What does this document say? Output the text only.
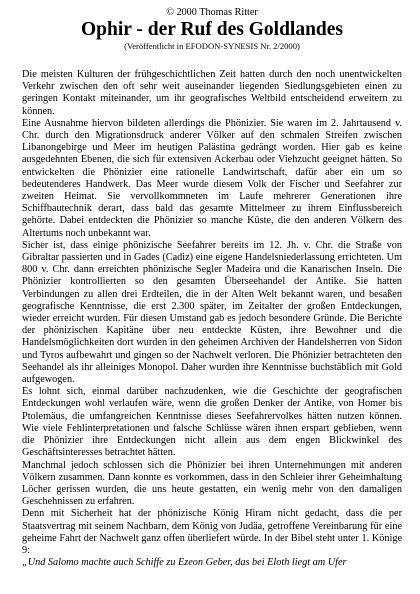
© 2000 Thomas Ritter
Ophir - der Ruf des Goldlandes
(Veröffentlicht in EFODON-SYNESIS Nr. 2/2000)

Die meisten Kulturen der frühgeschichtlichen Zeit hatten durch den noch unentwickelten Verkehr zwischen den oft sehr weit auseinander liegenden Siedlungsgebieten einen zu geringen Kontakt miteinander, um ihr geografisches Weltbild entscheidend erweitern zu können.

Eine Ausnahme hiervon bildeten allerdings die Phönizier. Sie waren im 2. Jahrtausend v. Chr. durch den Migrationsdruck anderer Völker auf den schmalen Streifen zwischen Libanongebirge und Meer im heutigen Palästina gedrängt worden. Hier gab es keine ausgedehnten Ebenen, die sich für extensiven Ackerbau oder Viehzucht geeignet hätten. So entwickelten die Phönizier eine rationelle Landwirtschaft, dafür aber ein um so bedeutenderes Handwerk. Das Meer wurde diesem Volk der Fischer und Seefahrer zur zweiten Heimat. Sie vervollkommneten im Laufe mehrerer Generationen ihre Schiffbautechnik derart, dass bald das gesamte Mittelmeer zu ihrem Einflussbereich gehörte. Dabei entdeckten die Phönizier so manche Küste, die den anderen Völkern des Altertums noch unbekannt war.

Sicher ist, dass einige phönizische Seefahrer bereits im 12. Jh. v. Chr. die Straße von Gibraltar passierten und in Gades (Cadiz) eine eigene Handelsniederlassung errichteten. Um 800 v. Chr. dann erreichten phönizische Segler Madeira und die Kanarischen Inseln. Die Phönizier kontrollierten so den gesamten Überseehandel der Antike. Sie hatten Verbindungen zu allen drei Erdteilen, die in der Alten Welt bekannt waren, und besaßen geografische Kenntnisse, die erst 2.300 später, im Zeitalter der großen Entdeckungen, wieder erreicht wurden. Für diesen Umstand gab es jedoch besondere Gründe. Die Berichte der phönizischen Kapitäne über neu entdeckte Küsten, ihre Bewohner und die Handelsmöglichkeiten dort wurden in den geheimen Archiven der Handelsherren von Sidon und Tyros aufbewahrt und gingen so der Nachwelt verloren. Die Phönizier betrachteten den Seehandel als ihr alleiniges Monopol. Daher wurden ihre Kenntnisse buchstäblich mit Gold aufgewogen.

Es lohnt sich, einmal darüber nachzudenken, wie die Geschichte der geografischen Entdeckungen wohl verlaufen wäre, wenn die großen Denker der Antike, von Homer bis Ptolemäus, die umfangreichen Kenntnisse dieses Seefahrervolkes hätten nutzen können. Wie viele Fehlinterpretationen und falsche Schlüsse wären ihnen erspart geblieben, wenn die Phönizier ihre Entdeckungen nicht allein aus dem engen Blickwinkel des Geschäftsinteresses betrachtet hätten.

Manchmal jedoch schlossen sich die Phönizier bei ihren Unternehmungen mit anderen Völkern zusammen. Dann konnte es vorkommen, dass in den Schleier ihrer Geheimhaltung Löcher gerissen wurden, die uns heute gestatten, ein wenig mehr von den damaligen Geschehnissen zu erfahren.

Denn mit Sicherheit hat der phönizische König Hiram nicht gedacht, dass die per Staatsvertrag mit seinem Nachbarn, dem König von Judäa, getroffene Vereinbarung für eine geheime Fahrt der Nachwelt ganz offen überliefert würde. In der Bibel steht unter 1. Könige 9:

„Und Salomo machte auch Schiffe zu Ezeon Geber, das bei Eloth liegt am Ufer
